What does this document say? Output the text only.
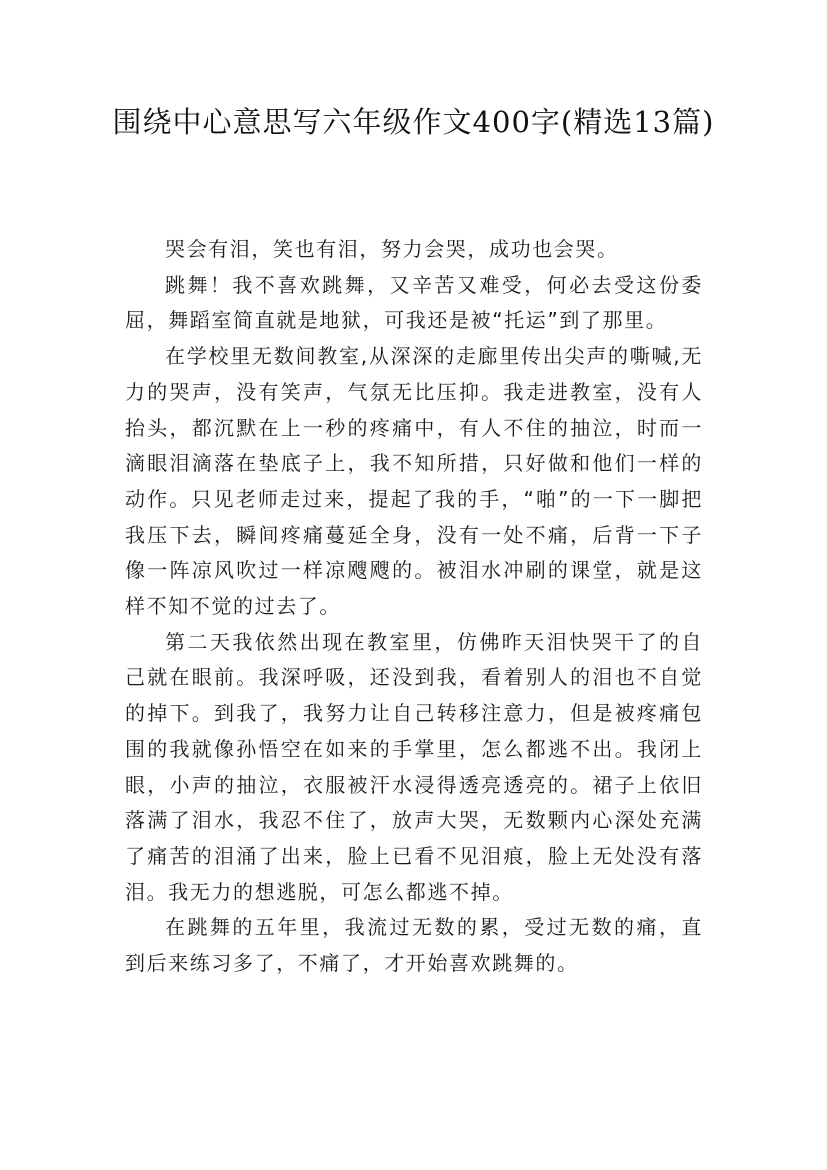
围绕中心意思写六年级作文400字(精选13篇)

哭会有泪，笑也有泪，努力会哭，成功也会哭。

跳舞！我不喜欢跳舞，又辛苦又难受，何必去受这份委屈，舞蹈室简直就是地狱，可我还是被“托运”到了那里。

在学校里无数间教室,从深深的走廊里传出尖声的嘶喊,无力的哭声，没有笑声，气氛无比压抑。我走进教室，没有人抬头，都沉默在上一秒的疼痛中，有人不住的抽泣，时而一滴眼泪滴落在垫底子上，我不知所措，只好做和他们一样的动作。只见老师走过来，提起了我的手，“啪”的一下一脚把我压下去，瞬间疼痛蔓延全身，没有一处不痛，后背一下子像一阵凉风吹过一样凉飕飕的。被泪水冲刷的课堂，就是这样不知不觉的过去了。

第二天我依然出现在教室里，仿佛昨天泪快哭干了的自己就在眼前。我深呼吸，还没到我，看着别人的泪也不自觉的掉下。到我了，我努力让自己转移注意力，但是被疼痛包围的我就像孙悟空在如来的手掌里，怎么都逃不出。我闭上眼，小声的抽泣，衣服被汗水浸得透亮透亮的。裙子上依旧落满了泪水，我忍不住了，放声大哭，无数颗内心深处充满了痛苦的泪涌了出来，脸上已看不见泪痕，脸上无处没有落泪。我无力的想逃脱，可怎么都逃不掉。

在跳舞的五年里，我流过无数的累，受过无数的痛，直到后来练习多了，不痛了，才开始喜欢跳舞的。
